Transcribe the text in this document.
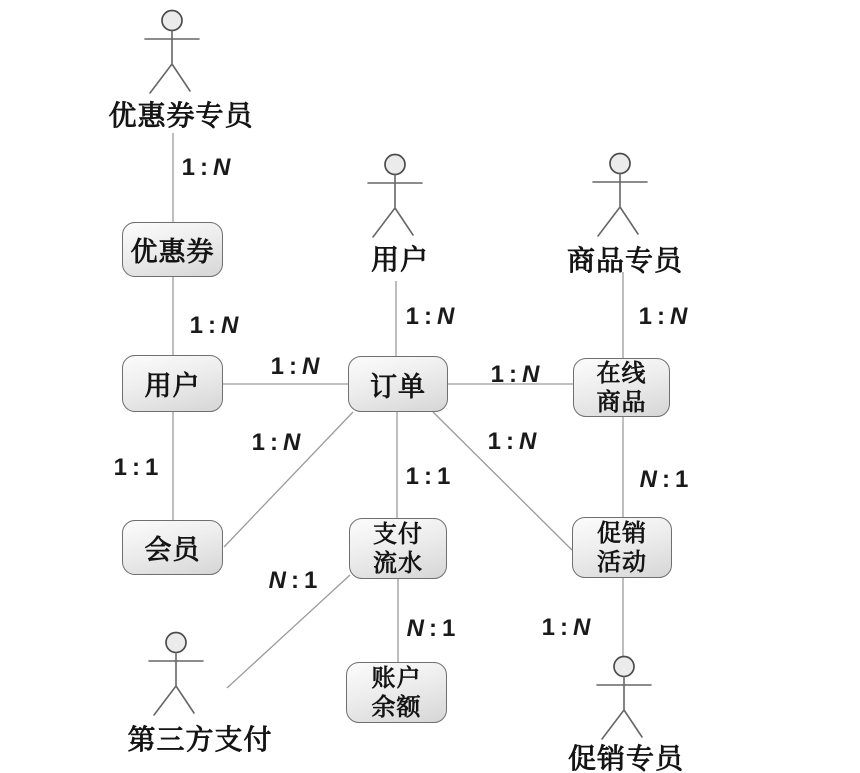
优惠券
用户
会员
订单
支付
流水
账户
余额
在线
商品
促销
活动
优惠券专员
用户	商品专员
第三方支付
促销专员
1 : N
1 : N
1 : 1
1 : N
1 : N
1 : N
1 : N
1 : N
1 : 1
1 : N
N : 1
N : 1
N : 1
1 : N
